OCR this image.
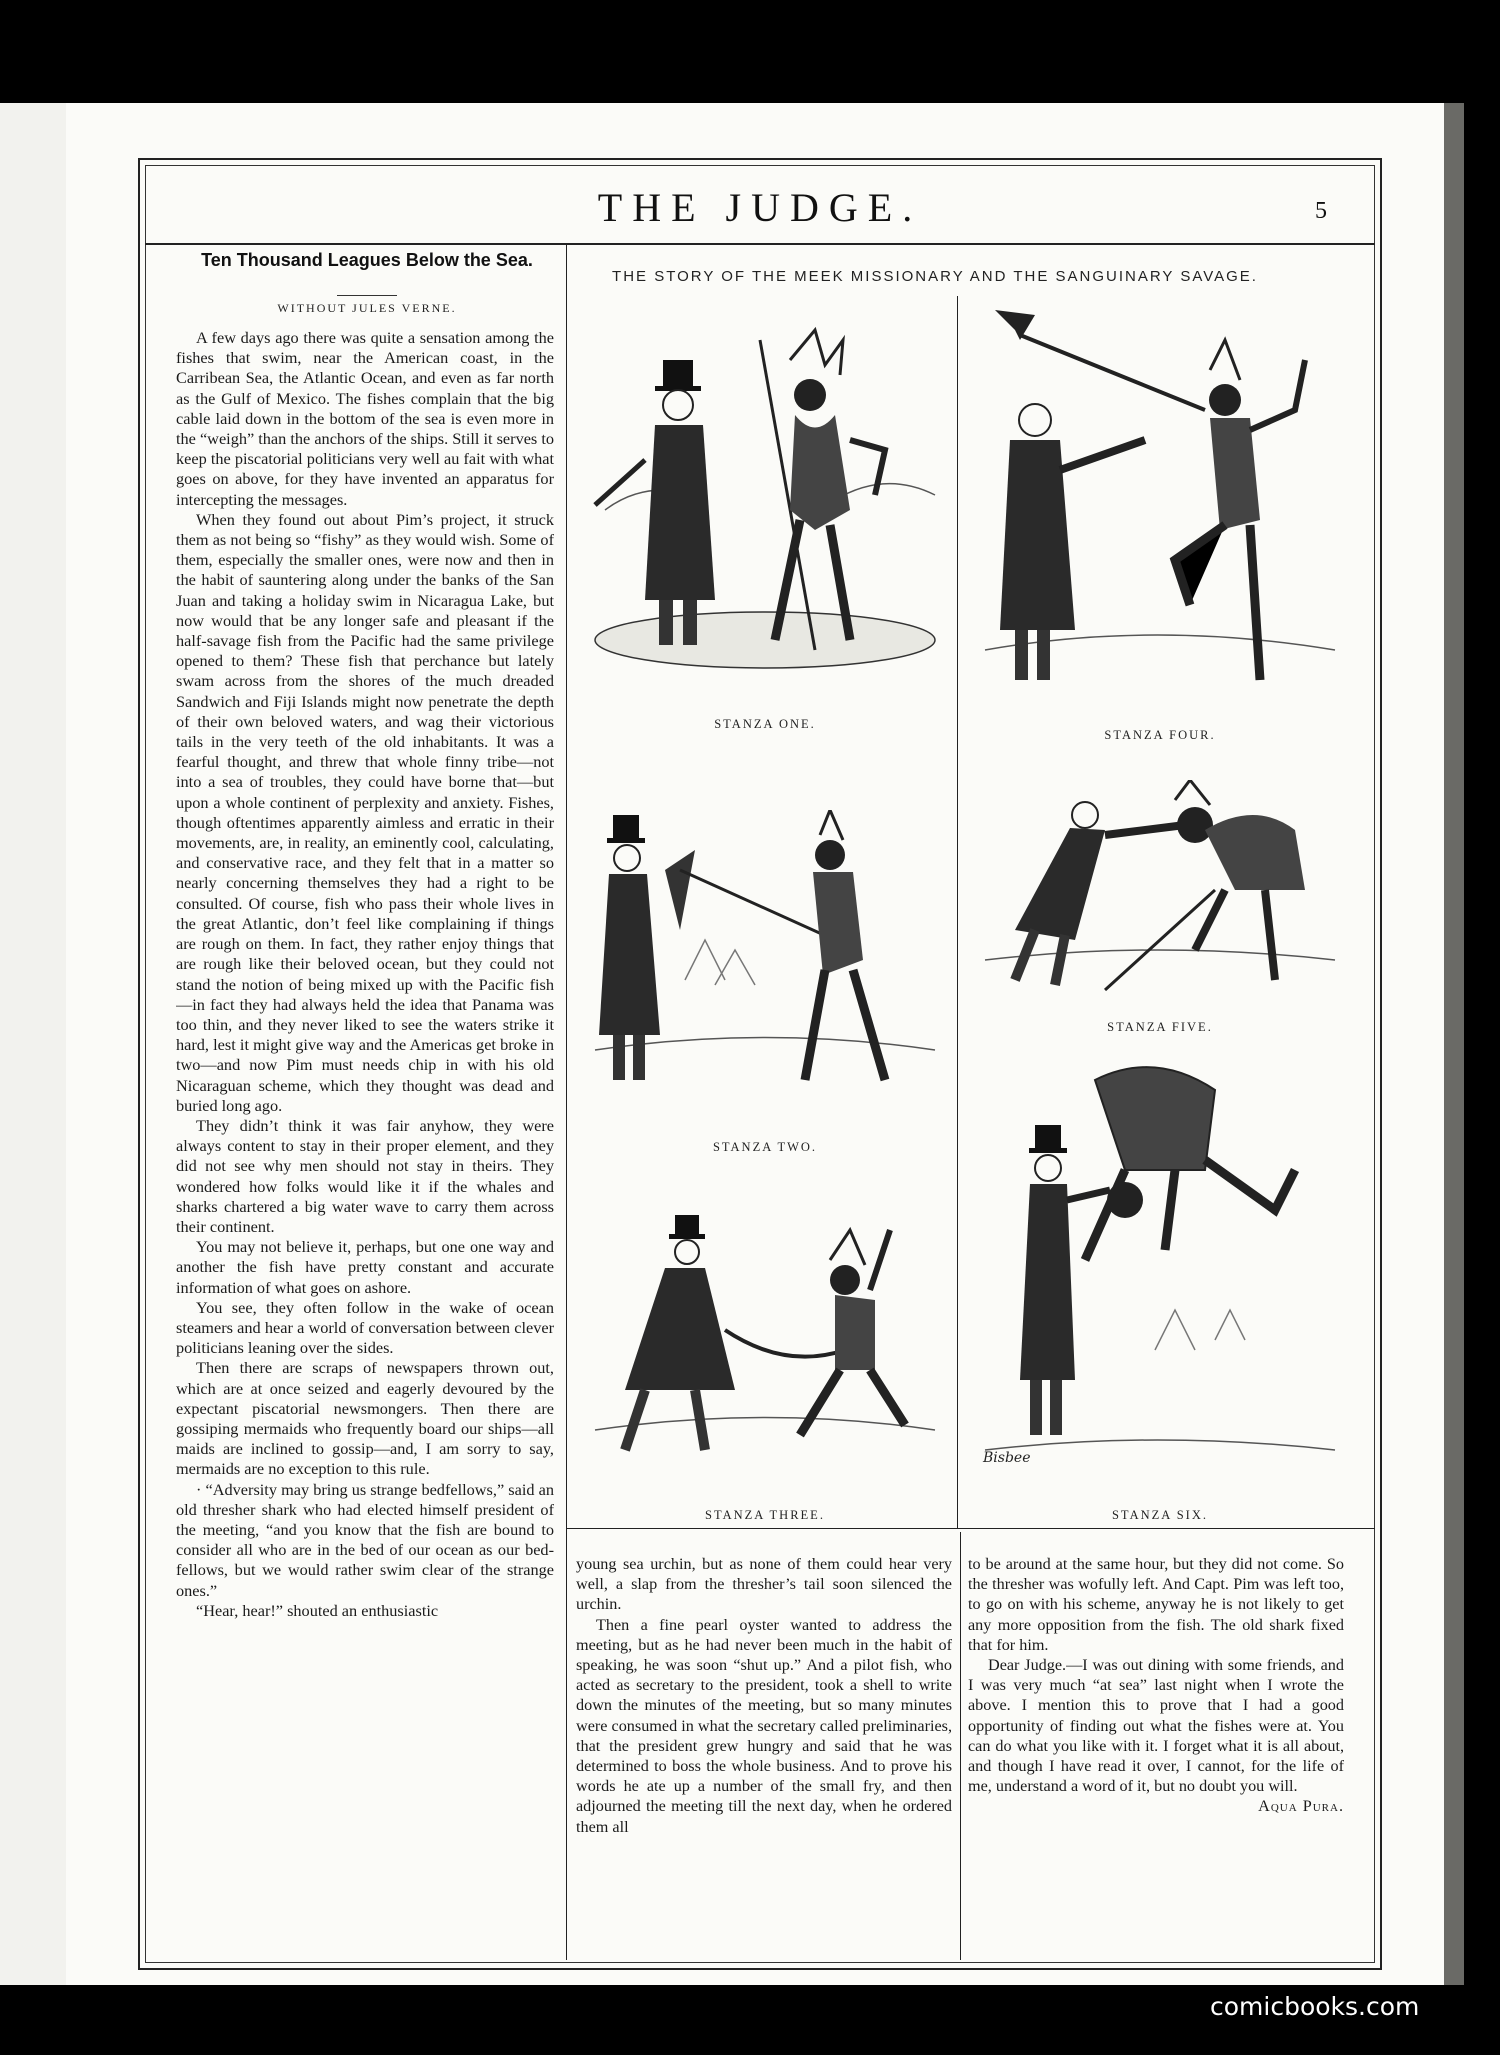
THE JUDGE.	5
Ten Thousand Leagues Below the Sea.
WITHOUT JULES VERNE.

A few days ago there was quite a sensation among the fishes that swim, near the American coast, in the Carribean Sea, the Atlantic Ocean, and even as far north as the Gulf of Mexico. The fishes complain that the big cable laid down in the bottom of the sea is even more in the “weigh” than the anchors of the ships. Still it serves to keep the piscatorial politicians very well au fait with what goes on above, for they have invented an apparatus for intercepting the messages.

When they found out about Pim’s project, it struck them as not being so “fishy” as they would wish. Some of them, especially the smaller ones, were now and then in the habit of sauntering along under the banks of the San Juan and taking a holiday swim in Nicaragua Lake, but now would that be any longer safe and pleasant if the half-savage fish from the Pacific had the same privilege opened to them? These fish that perchance but lately swam across from the shores of the much dreaded Sandwich and Fiji Islands might now penetrate the depth of their own beloved waters, and wag their victorious tails in the very teeth of the old inhabitants. It was a fearful thought, and threw that whole finny tribe—not into a sea of troubles, they could have borne that—but upon a whole continent of perplexity and anxiety. Fishes, though oftentimes apparently aimless and erratic in their movements, are, in reality, an eminently cool, calculating, and conservative race, and they felt that in a matter so nearly concerning themselves they had a right to be consulted. Of course, fish who pass their whole lives in the great Atlantic, don’t feel like complaining if things are rough on them. In fact, they rather enjoy things that are rough like their beloved ocean, but they could not stand the notion of being mixed up with the Pacific fish—in fact they had always held the idea that Panama was too thin, and they never liked to see the waters strike it hard, lest it might give way and the Americas get broke in two—and now Pim must needs chip in with his old Nicaraguan scheme, which they thought was dead and buried long ago.

They didn’t think it was fair anyhow, they were always content to stay in their proper element, and they did not see why men should not stay in theirs. They wondered how folks would like it if the whales and sharks chartered a big water wave to carry them across their continent.

You may not believe it, perhaps, but one one way and another the fish have pretty constant and accurate information of what goes on ashore.

You see, they often follow in the wake of ocean steamers and hear a world of conversation between clever politicians leaning over the sides.

Then there are scraps of newspapers thrown out, which are at once seized and eagerly devoured by the expectant piscatorial newsmongers. Then there are gossiping mermaids who frequently board our ships—all maids are inclined to gossip—and, I am sorry to say, mermaids are no exception to this rule.

· “Adversity may bring us strange bedfellows,” said an old thresher shark who had elected himself president of the meeting, “and you know that the fish are bound to consider all who are in the bed of our ocean as our bed-fellows, but we would rather swim clear of the strange ones.”

“Hear, hear!” shouted an enthusiastic

young sea urchin, but as none of them could hear very well, a slap from the thresher’s tail soon silenced the urchin.

Then a fine pearl oyster wanted to address the meeting, but as he had never been much in the habit of speaking, he was soon “shut up.” And a pilot fish, who acted as secretary to the president, took a shell to write down the minutes of the meeting, but so many minutes were consumed in what the secretary called preliminaries, that the president grew hungry and said that he was determined to boss the whole business. And to prove his words he ate up a number of the small fry, and then adjourned the meeting till the next day, when he ordered them all

to be around at the same hour, but they did not come. So the thresher was wofully left. And Capt. Pim was left too, to go on with his scheme, anyway he is not likely to get any more opposition from the fish. The old shark fixed that for him.

Dear Judge.—I was out dining with some friends, and I was very much “at sea” last night when I wrote the above. I mention this to prove that I had a good opportunity of finding out what the fishes were at. You can do what you like with it. I forget what it is all about, and though I have read it over, I cannot, for the life of me, understand a word of it, but no doubt you will.

Aqua Pura.

THE STORY OF THE MEEK MISSIONARY AND THE SANGUINARY SAVAGE.
STANZA ONE.
STANZA TWO.
STANZA THREE.
STANZA FOUR.
STANZA FIVE.
Bisbee
STANZA SIX.
comicbooks.com
